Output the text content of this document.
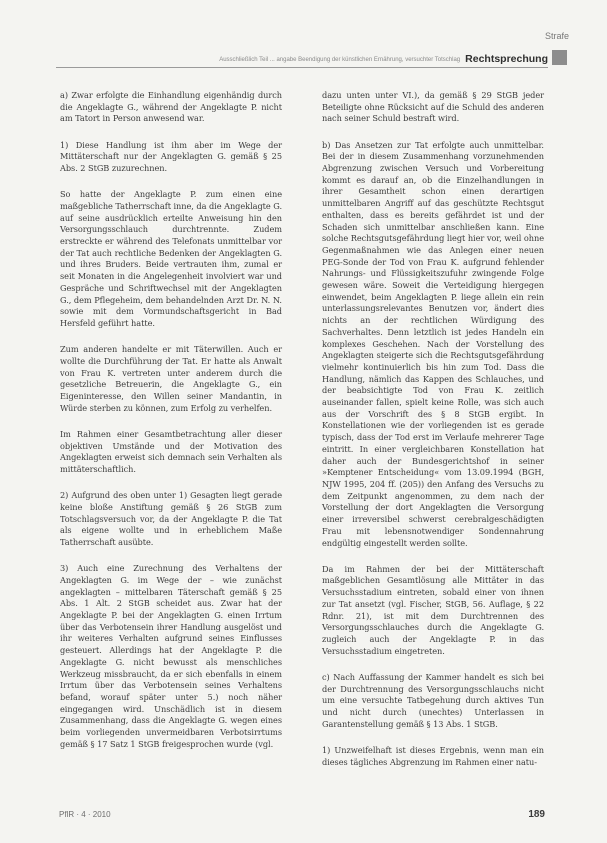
Strafe
Ausschließlich Teil ... angabe Beendigung der künstlichen Ernährung, versuchter Totschlag Rechtsprechung

a) Zwar erfolgte die Einhandlung eigenhändig durch die Angeklagte G., während der Angeklagte P. nicht am Tatort in Person anwesend war.

1) Diese Handlung ist ihm aber im Wege der Mittäterschaft nur der Angeklagten G. gemäß § 25 Abs. 2 StGB zuzurechnen.

So hatte der Angeklagte P. zum einen eine maßgebliche Tatherrschaft inne, da die Angeklagte G. auf seine ausdrücklich erteilte Anweisung hin den Versorgungsschlauch durchtrennte. Zudem erstreckte er während des Telefonats unmittelbar vor der Tat auch rechtliche Bedenken der Angeklagten G. und ihres Bruders. Beide vertrauten ihm, zumal er seit Monaten in die Angelegenheit involviert war und Gespräche und Schriftwechsel mit der Angeklagten G., dem Pflegeheim, dem behandelnden Arzt Dr. N. N. sowie mit dem Vormundschaftsgericht in Bad Hersfeld geführt hatte.

Zum anderen handelte er mit Täterwillen. Auch er wollte die Durchführung der Tat. Er hatte als Anwalt von Frau K. vertreten unter anderem durch die gesetzliche Betreuerin, die Angeklagte G., ein Eigeninteresse, den Willen seiner Mandantin, in Würde sterben zu können, zum Erfolg zu verhelfen.

Im Rahmen einer Gesamtbetrachtung aller dieser objektiven Umstände und der Motivation des Angeklagten erweist sich demnach sein Verhalten als mittäterschaftlich.

2) Aufgrund des oben unter 1) Gesagten liegt gerade keine bloße Anstiftung gemäß § 26 StGB zum Totschlagsversuch vor, da der Angeklagte P. die Tat als eigene wollte und in erheblichem Maße Tatherrschaft ausübte.

3) Auch eine Zurechnung des Verhaltens der Angeklagten G. im Wege der – wie zunächst angeklagten – mittelbaren Täterschaft gemäß § 25 Abs. 1 Alt. 2 StGB scheidet aus. Zwar hat der Angeklagte P. bei der Angeklagten G. einen Irrtum über das Verbotensein ihrer Handlung ausgelöst und ihr weiteres Verhalten aufgrund seines Einflusses gesteuert. Allerdings hat der Angeklagte P. die Angeklagte G. nicht bewusst als menschliches Werkzeug missbraucht, da er sich ebenfalls in einem Irrtum über das Verbotensein seines Verhaltens befand, worauf später unter 5.) noch näher eingegangen wird. Unschädlich ist in diesem Zusammenhang, dass die Angeklagte G. wegen eines beim vorliegenden unvermeidbaren Verbotsirrtums gemäß § 17 Satz 1 StGB freigesprochen wurde (vgl.

dazu unten unter VI.), da gemäß § 29 StGB jeder Beteiligte ohne Rücksicht auf die Schuld des anderen nach seiner Schuld bestraft wird.

b) Das Ansetzen zur Tat erfolgte auch unmittelbar. Bei der in diesem Zusammenhang vorzunehmenden Abgrenzung zwischen Versuch und Vorbereitung kommt es darauf an, ob die Einzelhandlungen in ihrer Gesamtheit schon einen derartigen unmittelbaren Angriff auf das geschützte Rechtsgut enthalten, dass es bereits gefährdet ist und der Schaden sich unmittelbar anschließen kann. Eine solche Rechtsgutsgefährdung liegt hier vor, weil ohne Gegenmaßnahmen wie das Anlegen einer neuen PEG-Sonde der Tod von Frau K. aufgrund fehlender Nahrungs- und Flüssigkeitszufuhr zwingende Folge gewesen wäre. Soweit die Verteidigung hiergegen einwendet, beim Angeklagten P. liege allein ein rein unterlassungsrelevantes Benutzen vor, ändert dies nichts an der rechtlichen Würdigung des Sachverhaltes. Denn letztlich ist jedes Handeln ein komplexes Geschehen. Nach der Vorstellung des Angeklagten steigerte sich die Rechtsgutsgefährdung vielmehr kontinuierlich bis hin zum Tod. Dass die Handlung, nämlich das Kappen des Schlauches, und der beabsichtigte Tod von Frau K. zeitlich auseinander fallen, spielt keine Rolle, was sich auch aus der Vorschrift des § 8 StGB ergibt. In Konstellationen wie der vorliegenden ist es gerade typisch, dass der Tod erst im Verlaufe mehrerer Tage eintritt. In einer vergleichbaren Konstellation hat daher auch der Bundesgerichtshof in seiner »Kemptener Entscheidung« vom 13.09.1994 (BGH, NJW 1995, 204 ff. (205)) den Anfang des Versuchs zu dem Zeitpunkt angenommen, zu dem nach der Vorstellung der dort Angeklagten die Versorgung einer irreversibel schwerst cerebralgeschädigten Frau mit lebensnotwendiger Sondennahrung endgültig eingestellt werden sollte.

Da im Rahmen der bei der Mittäterschaft maßgeblichen Gesamtlösung alle Mittäter in das Versuchsstadium eintreten, sobald einer von ihnen zur Tat ansetzt (vgl. Fischer, StGB, 56. Auflage, § 22 Rdnr. 21), ist mit dem Durchtrennen des Versorgungsschlauches durch die Angeklagte G. zugleich auch der Angeklagte P. in das Versuchsstadium eingetreten.

c) Nach Auffassung der Kammer handelt es sich bei der Durchtrennung des Versorgungsschlauchs nicht um eine versuchte Tatbegehung durch aktives Tun und nicht durch (unechtes) Unterlassen in Garantenstellung gemäß § 13 Abs. 1 StGB.

1) Unzweifelhaft ist dieses Ergebnis, wenn man ein dieses tägliches Abgrenzung im Rahmen einer natu-

PflR · 4 · 2010	189
